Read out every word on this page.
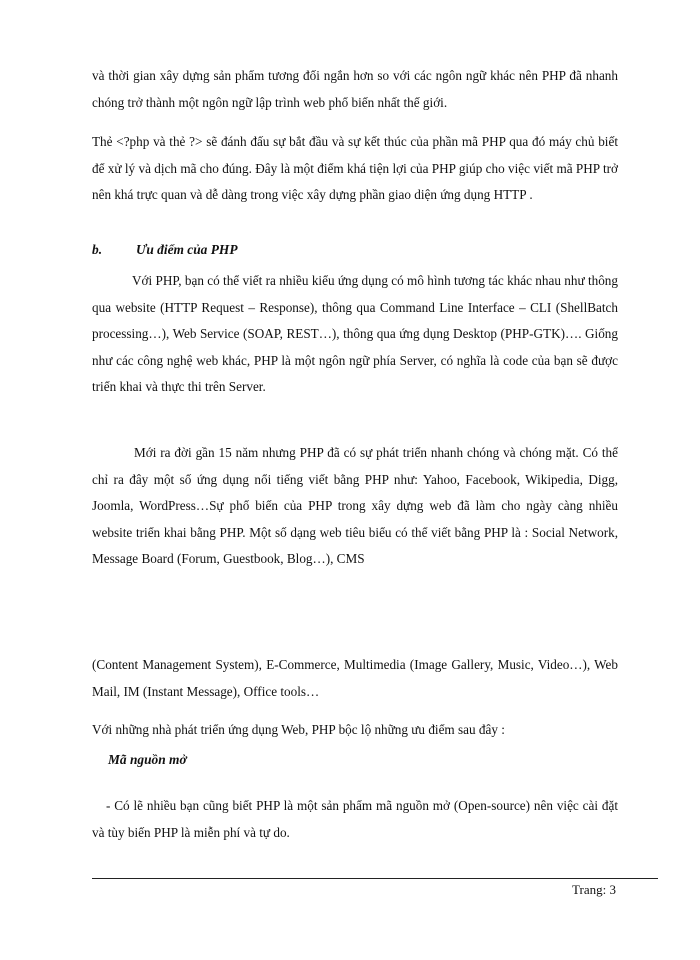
và thời gian xây dựng sản phẩm tương đối ngắn hơn so với các ngôn ngữ khác nên PHP đã nhanh chóng trở thành một ngôn ngữ lập trình web phổ biến nhất thế giới.

Thẻ <?php và thẻ ?> sẽ đánh đấu sự bắt đầu và sự kết thúc của phần mã PHP qua đó máy chủ biết để xử lý và dịch mã cho đúng. Đây là một điểm khá tiện lợi của PHP giúp cho việc viết mã PHP trở nên khá trực quan và dễ dàng trong việc xây dựng phần giao diện ứng dụng HTTP .

b.	Ưu điểm của PHP

Với PHP, bạn có thể viết ra nhiều kiểu ứng dụng có mô hình tương tác khác nhau như thông qua website (HTTP Request – Response), thông qua Command Line Interface – CLI (ShellBatch processing…), Web Service (SOAP, REST…), thông qua ứng dụng Desktop (PHP-GTK)…. Giống như các công nghệ web khác, PHP là một ngôn ngữ phía Server, có nghĩa là code của bạn sẽ được triển khai và thực thi trên Server.

Mới ra đời gần 15 năm nhưng PHP đã có sự phát triển nhanh chóng và chóng mặt. Có thể chỉ ra đây một số ứng dụng nổi tiếng viết bằng PHP như: Yahoo, Facebook, Wikipedia, Digg, Joomla, WordPress…Sự phổ biến của PHP trong xây dựng web đã làm cho ngày càng nhiều website triển khai bằng PHP. Một số dạng web tiêu biểu có thể viết bằng PHP là : Social Network, Message Board (Forum, Guestbook, Blog…), CMS

(Content Management System), E-Commerce, Multimedia (Image Gallery, Music, Video…), Web Mail, IM (Instant Message), Office tools…

Với những nhà phát triển ứng dụng Web, PHP bộc lộ những ưu điểm sau đây :

Mã nguồn mở

- Có lẽ nhiều bạn cũng biết PHP là một sản phẩm mã nguồn mở (Open-source) nên việc cài đặt và tùy biến PHP là miễn phí và tự do.

Trang: 3
